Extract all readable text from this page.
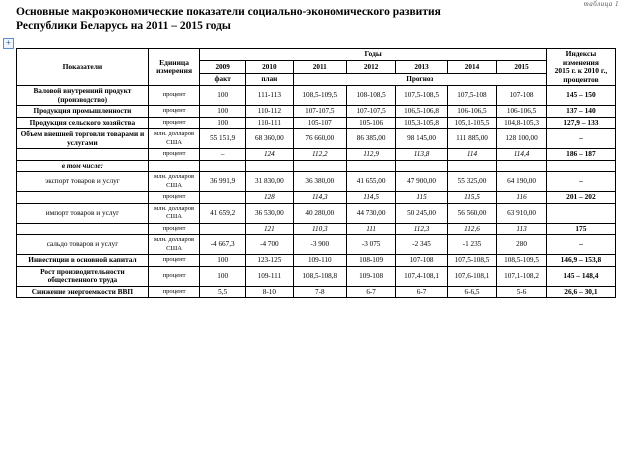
таблица 1
Основные макроэкономические показатели социально-экономического развития
Республики Беларусь на 2011 – 2015 годы
+
Показатели	Единица
измерения	Годы							Индексы
изменения
2015 г. к 2010 г.,
процентов
		2009	2010	2011	2012	2013	2014	2015	
		факт	план	Прогноз					
Валовой внутренний продукт (производство)	процент	100	111-113	108,5-109,5	108-108,5	107,5-108,5	107,5-108	107-108	145 – 150
Продукция промышленности	процент	100	110-112	107-107,5	107-107,5	106,5-106,8	106-106,5	106-106,5	137 – 140
Продукция сельского хозяйства	процент	100	110-111	105-107	105-106	105,3-105,8	105,1-105,5	104,8-105,3	127,9 – 133
Объем внешней торговли товарами и услугами	млн. долларов США	55 151,9	68 360,00	76 660,00	86 385,00	98 145,00	111 885,00	128 100,00	–
	процент	–	124	112,2	112,9	113,8	114	114,4	186 – 187
в том числе:									
экспорт товаров и услуг	млн. долларов США	36 991,9	31 830,00	36 380,00	41 655,00	47 900,00	55 325,00	64 190,00	–
	процент		128	114,3	114,5	115	115,5	116	201 – 202
импорт товаров и услуг	млн. долларов США	41 659,2	36 530,00	40 280,00	44 730,00	50 245,00	56 560,00	63 910,00	
	процент		121	110,3	111	112,3	112,6	113	175
сальдо товаров и услуг	млн. долларов США	-4 667,3	-4 700	-3 900	-3 075	-2 345	-1 235	280	–
Инвестиции в основной капитал	процент	100	123-125	109-110	108-109	107-108	107,5-108,5	108,5-109,5	146,9 – 153,8
Рост производительности общественного труда	процент	100	109-111	108,5-108,8	109-108	107,4-108,1	107,6-108,1	107,1-108,2	145 – 148,4
Снижение энергоемкости ВВП	процент	5,5	8-10	7-8	6-7	6-7	6-6,5	5-6	26,6 – 30,1
